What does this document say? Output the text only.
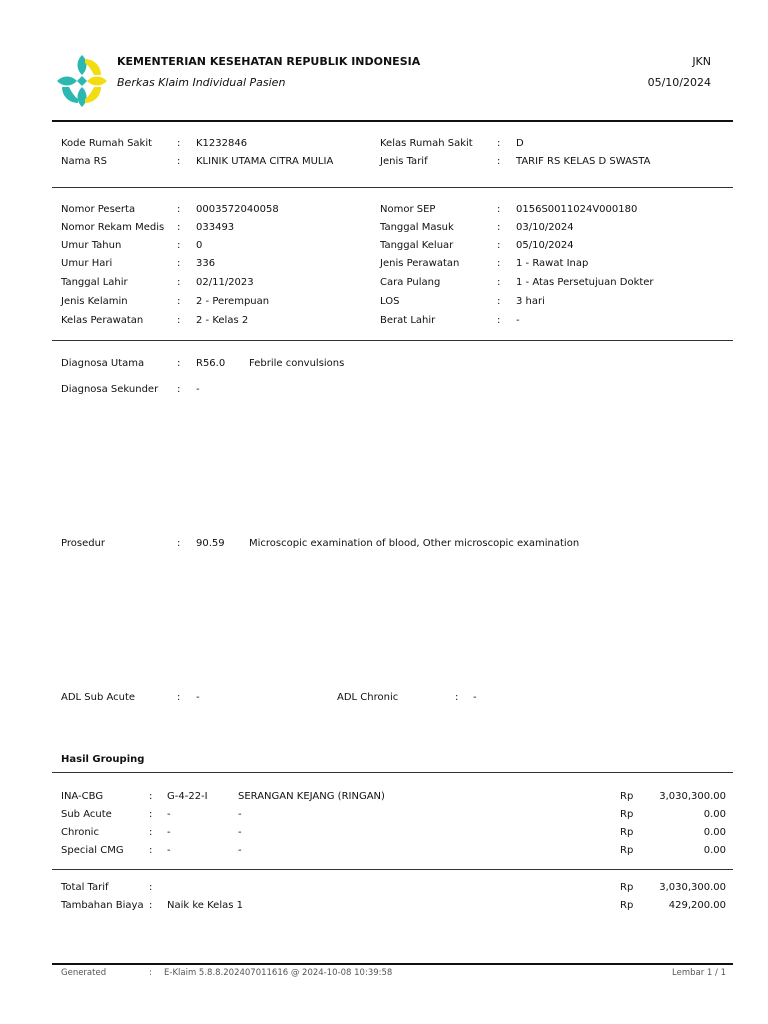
KEMENTERIAN KESEHATAN REPUBLIK INDONESIA
Berkas Klaim Individual Pasien
JKN
05/10/2024
Kode Rumah Sakit : K1232846
Nama RS	: KLINIK UTAMA CITRA MULIA
Kelas Rumah Sakit : D
Jenis Tarif	: TARIF RS KELAS D SWASTA
Nomor Peserta	: 0003572040058
Nomor Rekam Medis : 033493
Umur Tahun	: 0
Umur Hari	: 336
Tanggal Lahir	: 02/11/2023
Jenis Kelamin	: 2 - Perempuan
Kelas Perawatan	: 2 - Kelas 2
Nomor SEP	: 0156S0011024V000180
Tanggal Masuk	: 03/10/2024
Tanggal Keluar	: 05/10/2024
Jenis Perawatan	: 1 - Rawat Inap
Cara Pulang	: 1 - Atas Persetujuan Dokter
LOS	: 3 hari
Berat Lahir	: -
Diagnosa Utama	: R56.0 Febrile convulsions
Diagnosa Sekunder : -
Prosedur	: 90.59 Microscopic examination of blood, Other microscopic examination
ADL Sub Acute	: -	ADL Chronic	: -
Hasil Grouping
INA-CBG	: G-4-22-I	SERANGAN KEJANG (RINGAN)	Rp	3,030,300.00
Sub Acute	: -	-	Rp	0.00
Chronic	: -	-	Rp	0.00
Special CMG	: -	-	Rp	0.00
Total Tarif	:	Rp	3,030,300.00
Tambahan Biaya : Naik ke Kelas 1	Rp	429,200.00
Generated	: E-Klaim 5.8.8.202407011616 @ 2024-10-08 10:39:58	Lembar 1 / 1
